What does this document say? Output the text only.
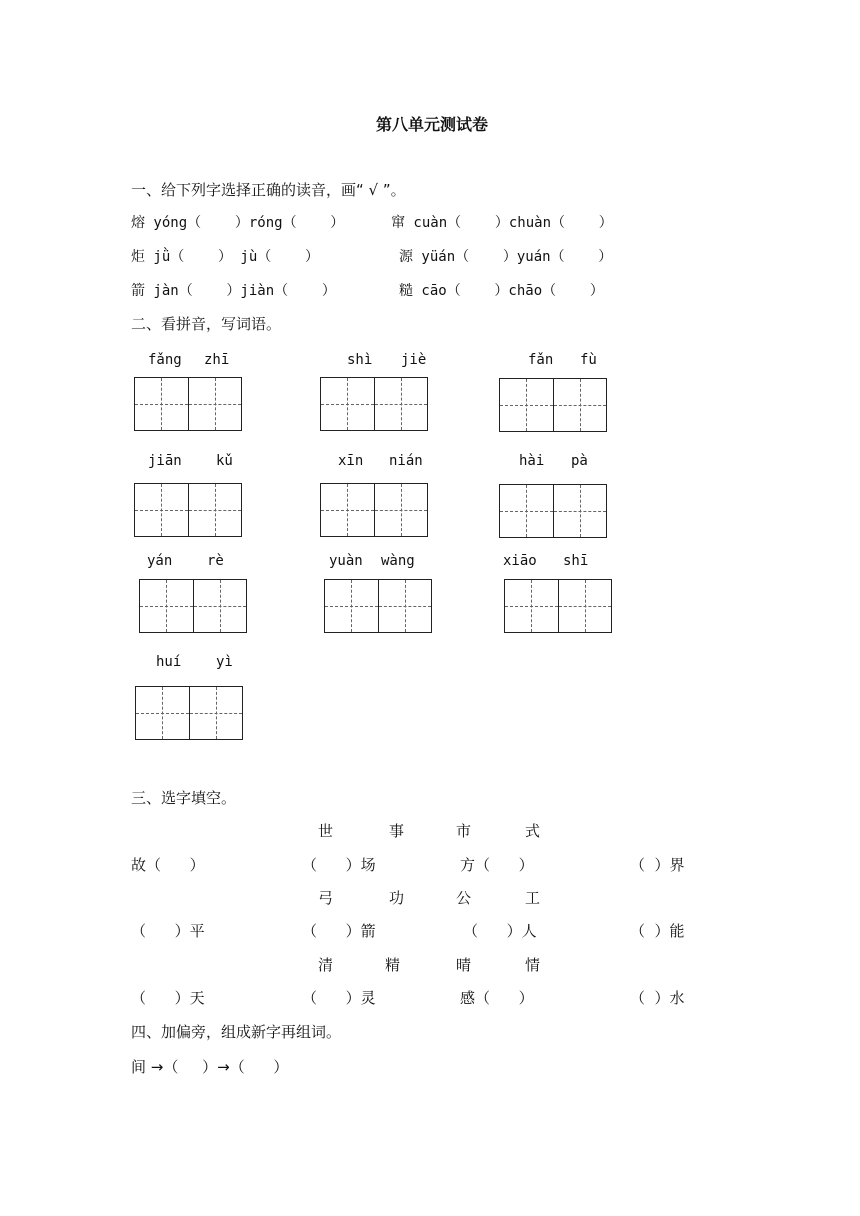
第八单元测试卷
一、给下列字选择正确的读音，画“ √ ”。
熔 yóng（    ）róng（    ）	窜 cuàn（    ）chuàn（    ）
炬 jǜ（    ） jù（    ）	源 yüán（    ）yuán（    ）
箭 jàn（    ）jiàn（    ）	糙 cāo（    ）chāo（    ）
二、看拼音，写词语。
fǎng zhī	shì jiè	fǎn fù
jiān kǔ	xīn nián	hài pà
yán rè	yuàn wàng	xiāo shī
huí yì
三、选字填空。
世	事	市	式
故（      ）	（      ）场	方（      ）	（  ）界
弓	功	公	工
（      ）平	（      ）箭	（      ）人	（  ）能
清	精	晴	情
（      ）天	（      ）灵	感（      ）	（  ）水
四、加偏旁，组成新字再组词。
间 →（     ）→（      ）
